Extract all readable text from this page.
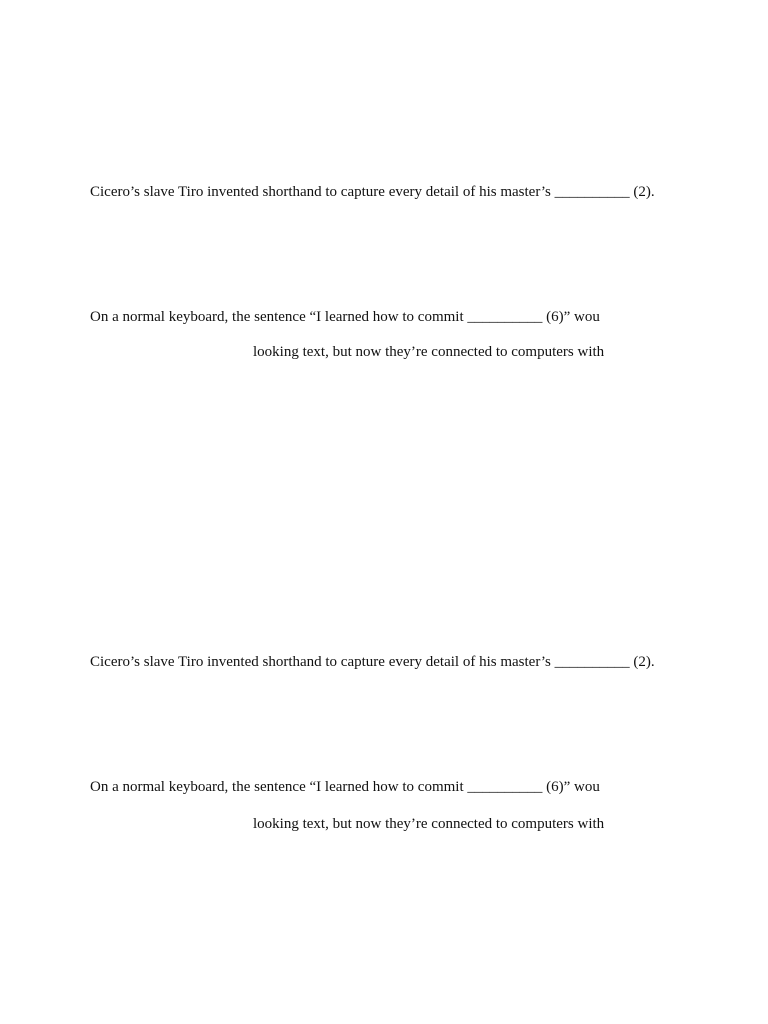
Cicero’s slave Tiro invented shorthand to capture every detail of his master’s __________ (2).
On a normal keyboard, the sentence “I learned how to commit __________ (6)” wou
looking text, but now they’re connected to computers with
Cicero’s slave Tiro invented shorthand to capture every detail of his master’s __________ (2).
On a normal keyboard, the sentence “I learned how to commit __________ (6)” wou
looking text, but now they’re connected to computers with
